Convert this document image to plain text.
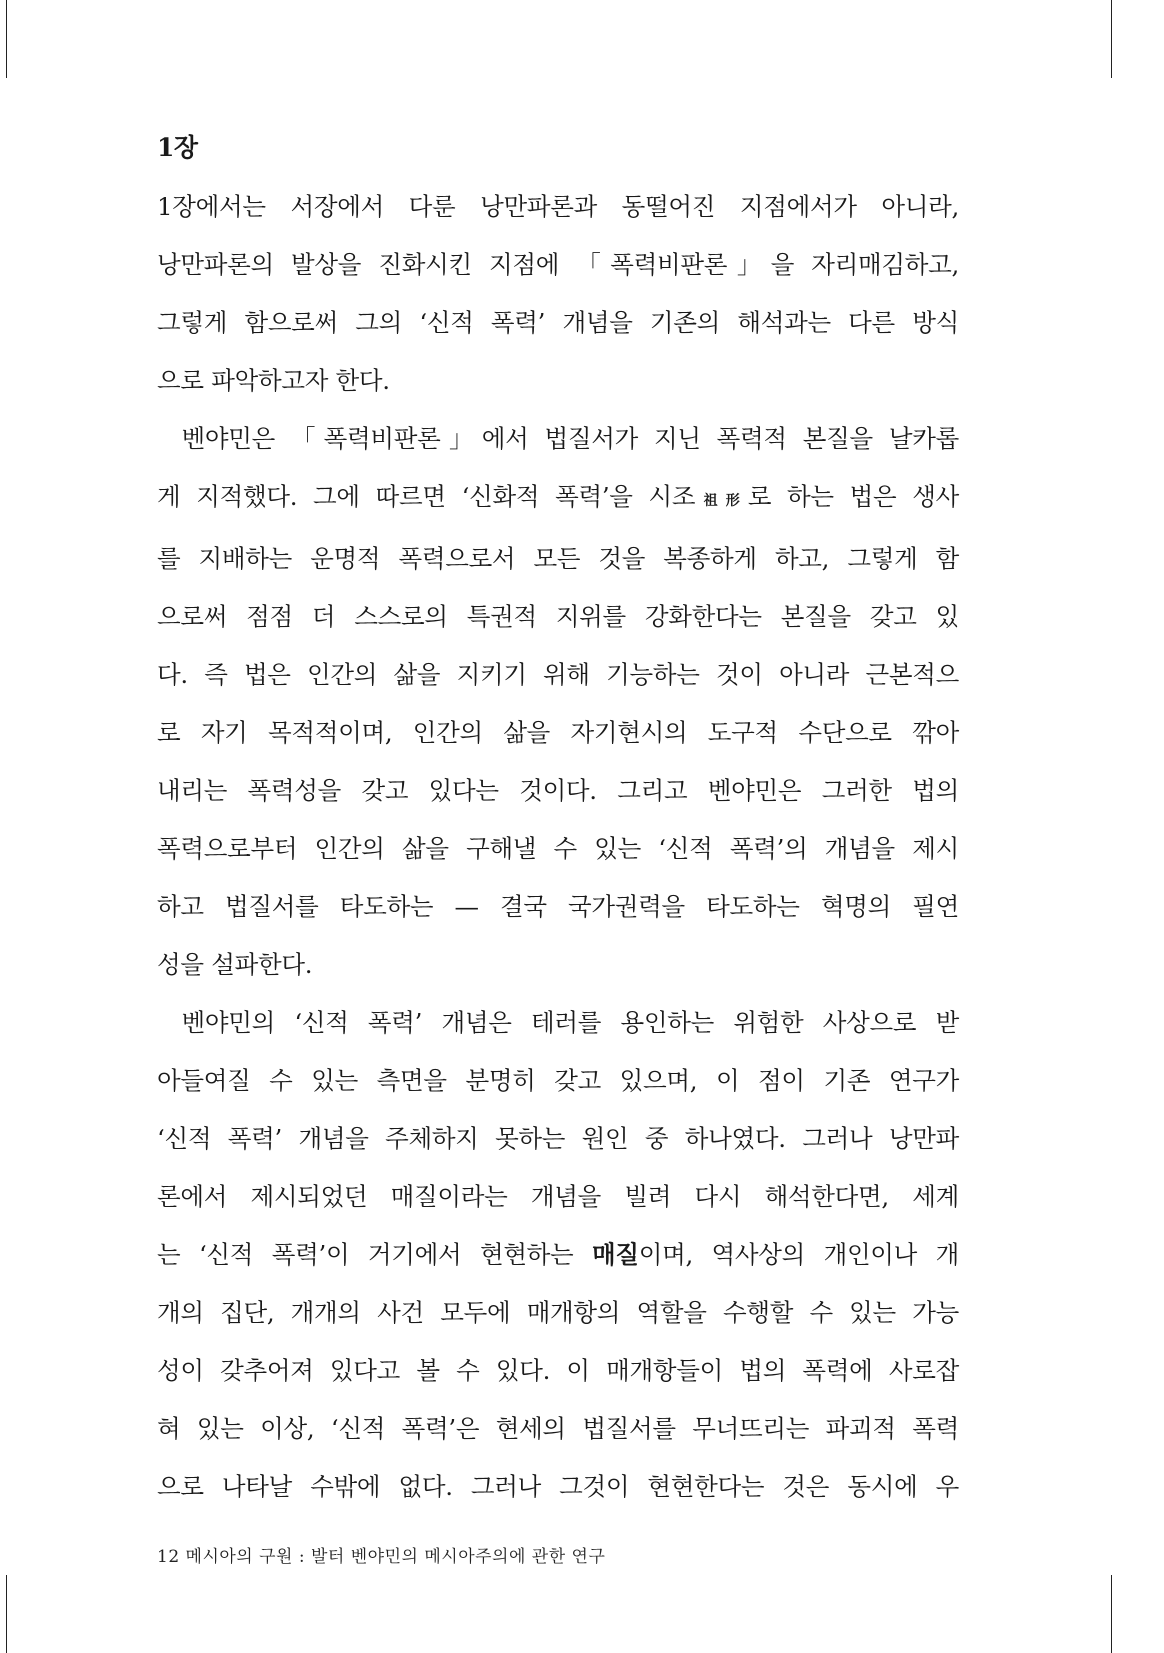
1장

1장에서는 서장에서 다룬 낭만파론과 동떨어진 지점에서가 아니라,
낭만파론의 발상을 진화시킨 지점에 「폭력비판론」을 자리매김하고,
그렇게 함으로써 그의 ‘신적 폭력’ 개념을 기존의 해석과는 다른 방식
으로 파악하고자 한다.

벤야민은 「폭력비판론」에서 법질서가 지닌 폭력적 본질을 날카롭
게 지적했다. 그에 따르면 ‘신화적 폭력’을 시조祖形로 하는 법은 생사
를 지배하는 운명적 폭력으로서 모든 것을 복종하게 하고, 그렇게 함
으로써 점점 더 스스로의 특권적 지위를 강화한다는 본질을 갖고 있
다. 즉 법은 인간의 삶을 지키기 위해 기능하는 것이 아니라 근본적으
로 자기 목적적이며, 인간의 삶을 자기현시의 도구적 수단으로 깎아
내리는 폭력성을 갖고 있다는 것이다. 그리고 벤야민은 그러한 법의
폭력으로부터 인간의 삶을 구해낼 수 있는 ‘신적 폭력’의 개념을 제시
하고 법질서를 타도하는 — 결국 국가권력을 타도하는 혁명의 필연
성을 설파한다.

벤야민의 ‘신적 폭력’ 개념은 테러를 용인하는 위험한 사상으로 받
아들여질 수 있는 측면을 분명히 갖고 있으며, 이 점이 기존 연구가
‘신적 폭력’ 개념을 주체하지 못하는 원인 중 하나였다. 그러나 낭만파
론에서 제시되었던 매질이라는 개념을 빌려 다시 해석한다면, 세계
는 ‘신적 폭력’이 거기에서 현현하는 매질이며, 역사상의 개인이나 개
개의 집단, 개개의 사건 모두에 매개항의 역할을 수행할 수 있는 가능
성이 갖추어져 있다고 볼 수 있다. 이 매개항들이 법의 폭력에 사로잡
혀 있는 이상, ‘신적 폭력’은 현세의 법질서를 무너뜨리는 파괴적 폭력
으로 나타날 수밖에 없다. 그러나 그것이 현현한다는 것은 동시에 우

12 메시아의 구원 : 발터 벤야민의 메시아주의에 관한 연구
